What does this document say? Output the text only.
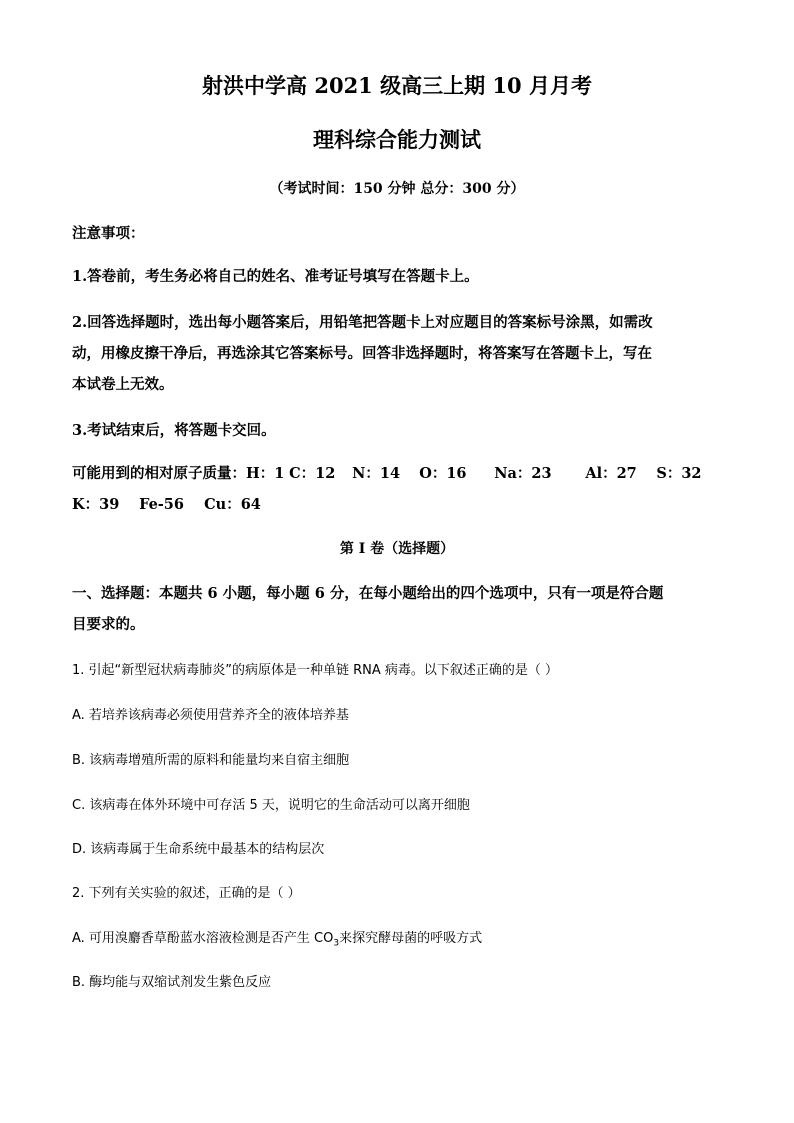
射洪中学高 2021 级高三上期 10 月月考
理科综合能力测试
（考试时间：150 分钟 总分：300 分）
注意事项：
1.答卷前，考生务必将自己的姓名、准考证号填写在答题卡上。
2.回答选择题时，选出每小题答案后，用铅笔把答题卡上对应题目的答案标号涂黑，如需改
动，用橡皮擦干净后，再选涂其它答案标号。回答非选择题时，将答案写在答题卡上，写在
本试卷上无效。
3.考试结束后，将答题卡交回。
可能用到的相对原子质量：H：1 C：12 N：14 O：16 Na：23 Al：27 S：32
K：39 Fe-56 Cu：64
第 I 卷（选择题）
一、选择题：本题共 6 小题，每小题 6 分，在每小题给出的四个选项中，只有一项是符合题
目要求的。
1. 引起“新型冠状病毒肺炎”的病原体是一种单链 RNA 病毒。以下叙述正确的是（ ）
A. 若培养该病毒必须使用营养齐全的液体培养基
B. 该病毒增殖所需的原料和能量均来自宿主细胞
C. 该病毒在体外环境中可存活 5 天，说明它的生命活动可以离开细胞
D. 该病毒属于生命系统中最基本的结构层次
2. 下列有关实验的叙述，正确的是（ ）
A. 可用溴麝香草酚蓝水溶液检测是否产生 $CO_3$来探究酵母菌的呼吸方式
B. 酶均能与双缩试剂发生紫色反应
